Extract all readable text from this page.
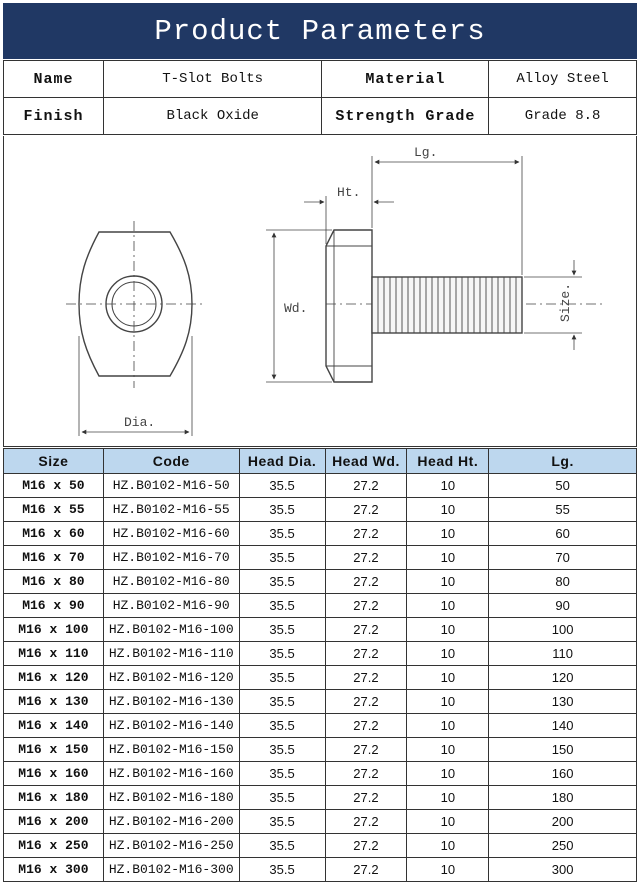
Product Parameters
Name	T-Slot Bolts	Material	Alloy Steel
Finish	Black Oxide	Strength Grade	Grade 8.8
Dia.
Lg.
Ht.
Wd.	Size.
Size	Code	Head Dia.	Head Wd.	Head Ht.	Lg.
M16 x 50	HZ.B0102-M16-50	35.5	27.2	10	50
M16 x 55	HZ.B0102-M16-55	35.5	27.2	10	55
M16 x 60	HZ.B0102-M16-60	35.5	27.2	10	60
M16 x 70	HZ.B0102-M16-70	35.5	27.2	10	70
M16 x 80	HZ.B0102-M16-80	35.5	27.2	10	80
M16 x 90	HZ.B0102-M16-90	35.5	27.2	10	90
M16 x 100	HZ.B0102-M16-100	35.5	27.2	10	100
M16 x 110	HZ.B0102-M16-110	35.5	27.2	10	110
M16 x 120	HZ.B0102-M16-120	35.5	27.2	10	120
M16 x 130	HZ.B0102-M16-130	35.5	27.2	10	130
M16 x 140	HZ.B0102-M16-140	35.5	27.2	10	140
M16 x 150	HZ.B0102-M16-150	35.5	27.2	10	150
M16 x 160	HZ.B0102-M16-160	35.5	27.2	10	160
M16 x 180	HZ.B0102-M16-180	35.5	27.2	10	180
M16 x 200	HZ.B0102-M16-200	35.5	27.2	10	200
M16 x 250	HZ.B0102-M16-250	35.5	27.2	10	250
M16 x 300	HZ.B0102-M16-300	35.5	27.2	10	300
